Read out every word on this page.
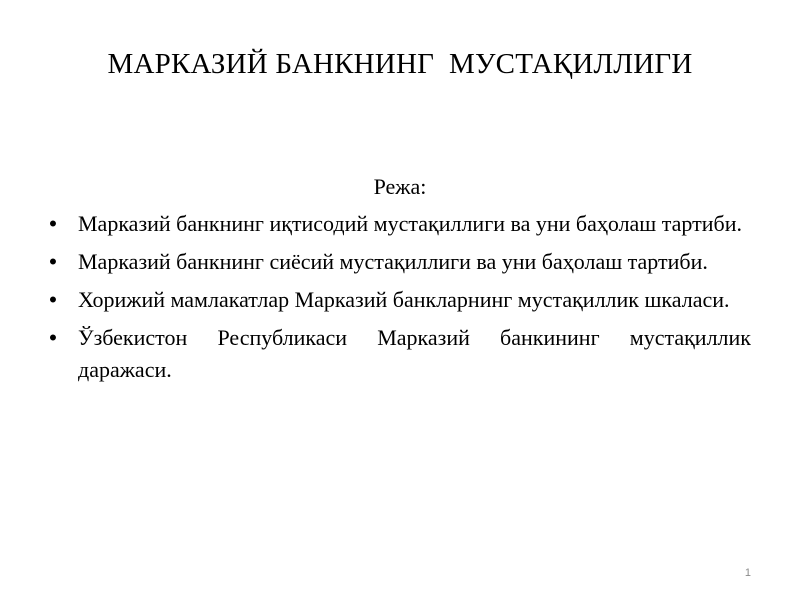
МАРКАЗИЙ БАНКНИНГ  МУСТАҚИЛЛИГИ
Режа:
• Марказий банкнинг иқтисодий мустақиллиги ва уни баҳолаш тартиби.
• Марказий банкнинг сиёсий мустақиллиги ва уни баҳолаш тартиби.
• Хорижий мамлакатлар Марказий банкларнинг мустақиллик шкаласи.
• Ўзбекистон Республикаси Марказий банкининг мустақиллик даражаси.
1
